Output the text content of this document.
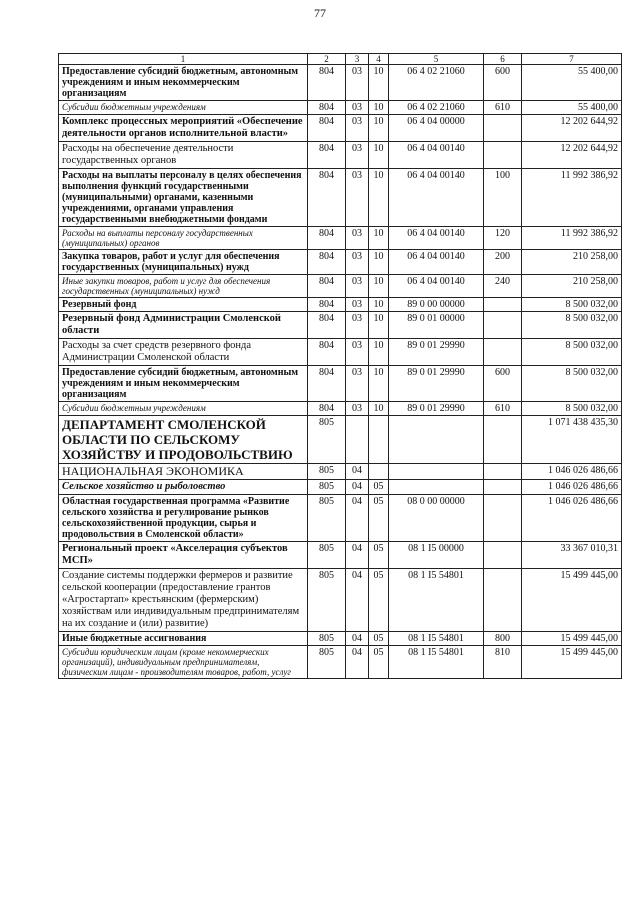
77
1	2	3	4	5	6	7
Предоставление субсидий бюджетным, автономным учреждениям и иным некоммерческим организациям	804	03	10	06 4 02 21060	600	55 400,00
Субсидии бюджетным учреждениям	804	03	10	06 4 02 21060	610	55 400,00
Комплекс процессных мероприятий «Обеспечение деятельности органов исполнительной власти»	804	03	10	06 4 04 00000		12 202 644,92
Расходы на обеспечение деятельности государственных органов	804	03	10	06 4 04 00140		12 202 644,92
Расходы на выплаты персоналу в целях обеспечения выполнения функций государственными (муниципальными) органами, казенными учреждениями, органами управления государственными внебюджетными фондами	804	03	10	06 4 04 00140	100	11 992 386,92
Расходы на выплаты персоналу государственных (муниципальных) органов	804	03	10	06 4 04 00140	120	11 992 386,92
Закупка товаров, работ и услуг для обеспечения государственных (муниципальных) нужд	804	03	10	06 4 04 00140	200	210 258,00
Иные закупки товаров, работ и услуг для обеспечения государственных (муниципальных) нужд	804	03	10	06 4 04 00140	240	210 258,00
Резервный фонд	804	03	10	89 0 00 00000		8 500 032,00
Резервный фонд Администрации Смоленской области	804	03	10	89 0 01 00000		8 500 032,00
Расходы за счет средств резервного фонда Администрации Смоленской области	804	03	10	89 0 01 29990		8 500 032,00
Предоставление субсидий бюджетным, автономным учреждениям и иным некоммерческим организациям	804	03	10	89 0 01 29990	600	8 500 032,00
Субсидии бюджетным учреждениям	804	03	10	89 0 01 29990	610	8 500 032,00
ДЕПАРТАМЕНТ СМОЛЕНСКОЙ ОБЛАСТИ ПО СЕЛЬСКОМУ ХОЗЯЙСТВУ И ПРОДОВОЛЬСТВИЮ	805					1 071 438 435,30
НАЦИОНАЛЬНАЯ ЭКОНОМИКА	805	04				1 046 026 486,66
Сельское хозяйство и рыболовство	805	04	05			1 046 026 486,66
Областная государственная программа «Развитие сельского хозяйства и регулирование рынков сельскохозяйственной продукции, сырья и продовольствия в Смоленской области»	805	04	05	08 0 00 00000		1 046 026 486,66
Региональный проект «Акселерация субъектов МСП»	805	04	05	08 1 I5 00000		33 367 010,31
Создание системы поддержки фермеров и развитие сельской кооперации (предоставление грантов «Агростартап» крестьянским (фермерским) хозяйствам или индивидуальным предпринимателям на их создание и (или) развитие)	805	04	05	08 1 I5 54801		15 499 445,00
Иные бюджетные ассигнования	805	04	05	08 1 I5 54801	800	15 499 445,00
Субсидии юридическим лицам (кроме некоммерческих организаций), индивидуальным предпринимателям, физическим лицам - производителям товаров, работ, услуг	805	04	05	08 1 I5 54801	810	15 499 445,00
